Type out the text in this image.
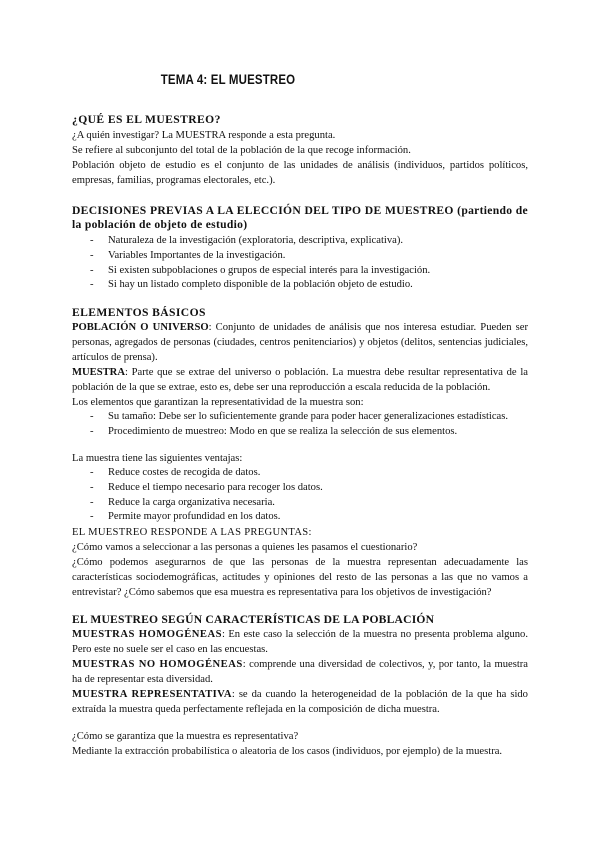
TEMA 4: EL MUESTREO

¿QUÉ ES EL MUESTREO?

¿A quién investigar? La MUESTRA responde a esta pregunta.

Se refiere al subconjunto del total de la población de la que recoge información.

Población objeto de estudio es el conjunto de las unidades de análisis (individuos, partidos políticos, empresas, familias, programas electorales, etc.).

DECISIONES PREVIAS A LA ELECCIÓN DEL TIPO DE MUESTREO (partiendo de la población de objeto de estudio)

- Naturaleza de la investigación (exploratoria, descriptiva, explicativa).
- Variables Importantes de la investigación.
- Si existen subpoblaciones o grupos de especial interés para la investigación.
- Si hay un listado completo disponible de la población objeto de estudio.

ELEMENTOS BÁSICOS

POBLACIÓN O UNIVERSO: Conjunto de unidades de análisis que nos interesa estudiar. Pueden ser personas, agregados de personas (ciudades, centros penitenciarios) y objetos (delitos, sentencias judiciales, artículos de prensa).

MUESTRA: Parte que se extrae del universo o población. La muestra debe resultar representativa de la población de la que se extrae, esto es, debe ser una reproducción a escala reducida de la población.

Los elementos que garantizan la representatividad de la muestra son:

- Su tamaño: Debe ser lo suficientemente grande para poder hacer generalizaciones estadísticas.
- Procedimiento de muestreo: Modo en que se realiza la selección de sus elementos.

La muestra tiene las siguientes ventajas:

- Reduce costes de recogida de datos.
- Reduce el tiempo necesario para recoger los datos.
- Reduce la carga organizativa necesaria.
- Permite mayor profundidad en los datos.

EL MUESTREO RESPONDE A LAS PREGUNTAS:

¿Cómo vamos a seleccionar a las personas a quienes les pasamos el cuestionario?

¿Cómo podemos asegurarnos de que las personas de la muestra representan adecuadamente las características sociodemográficas, actitudes y opiniones del resto de las personas a las que no vamos a entrevistar? ¿Cómo sabemos que esa muestra es representativa para los objetivos de investigación?

EL MUESTREO SEGÚN CARACTERÍSTICAS DE LA POBLACIÓN

MUESTRAS HOMOGÉNEAS: En este caso la selección de la muestra no presenta problema alguno. Pero este no suele ser el caso en las encuestas.

MUESTRAS NO HOMOGÉNEAS: comprende una diversidad de colectivos, y, por tanto, la muestra ha de representar esta diversidad.

MUESTRA REPRESENTATIVA: se da cuando la heterogeneidad de la población de la que ha sido extraída la muestra queda perfectamente reflejada en la composición de dicha muestra.

¿Cómo se garantiza que la muestra es representativa?

Mediante la extracción probabilística o aleatoria de los casos (individuos, por ejemplo) de la muestra.
